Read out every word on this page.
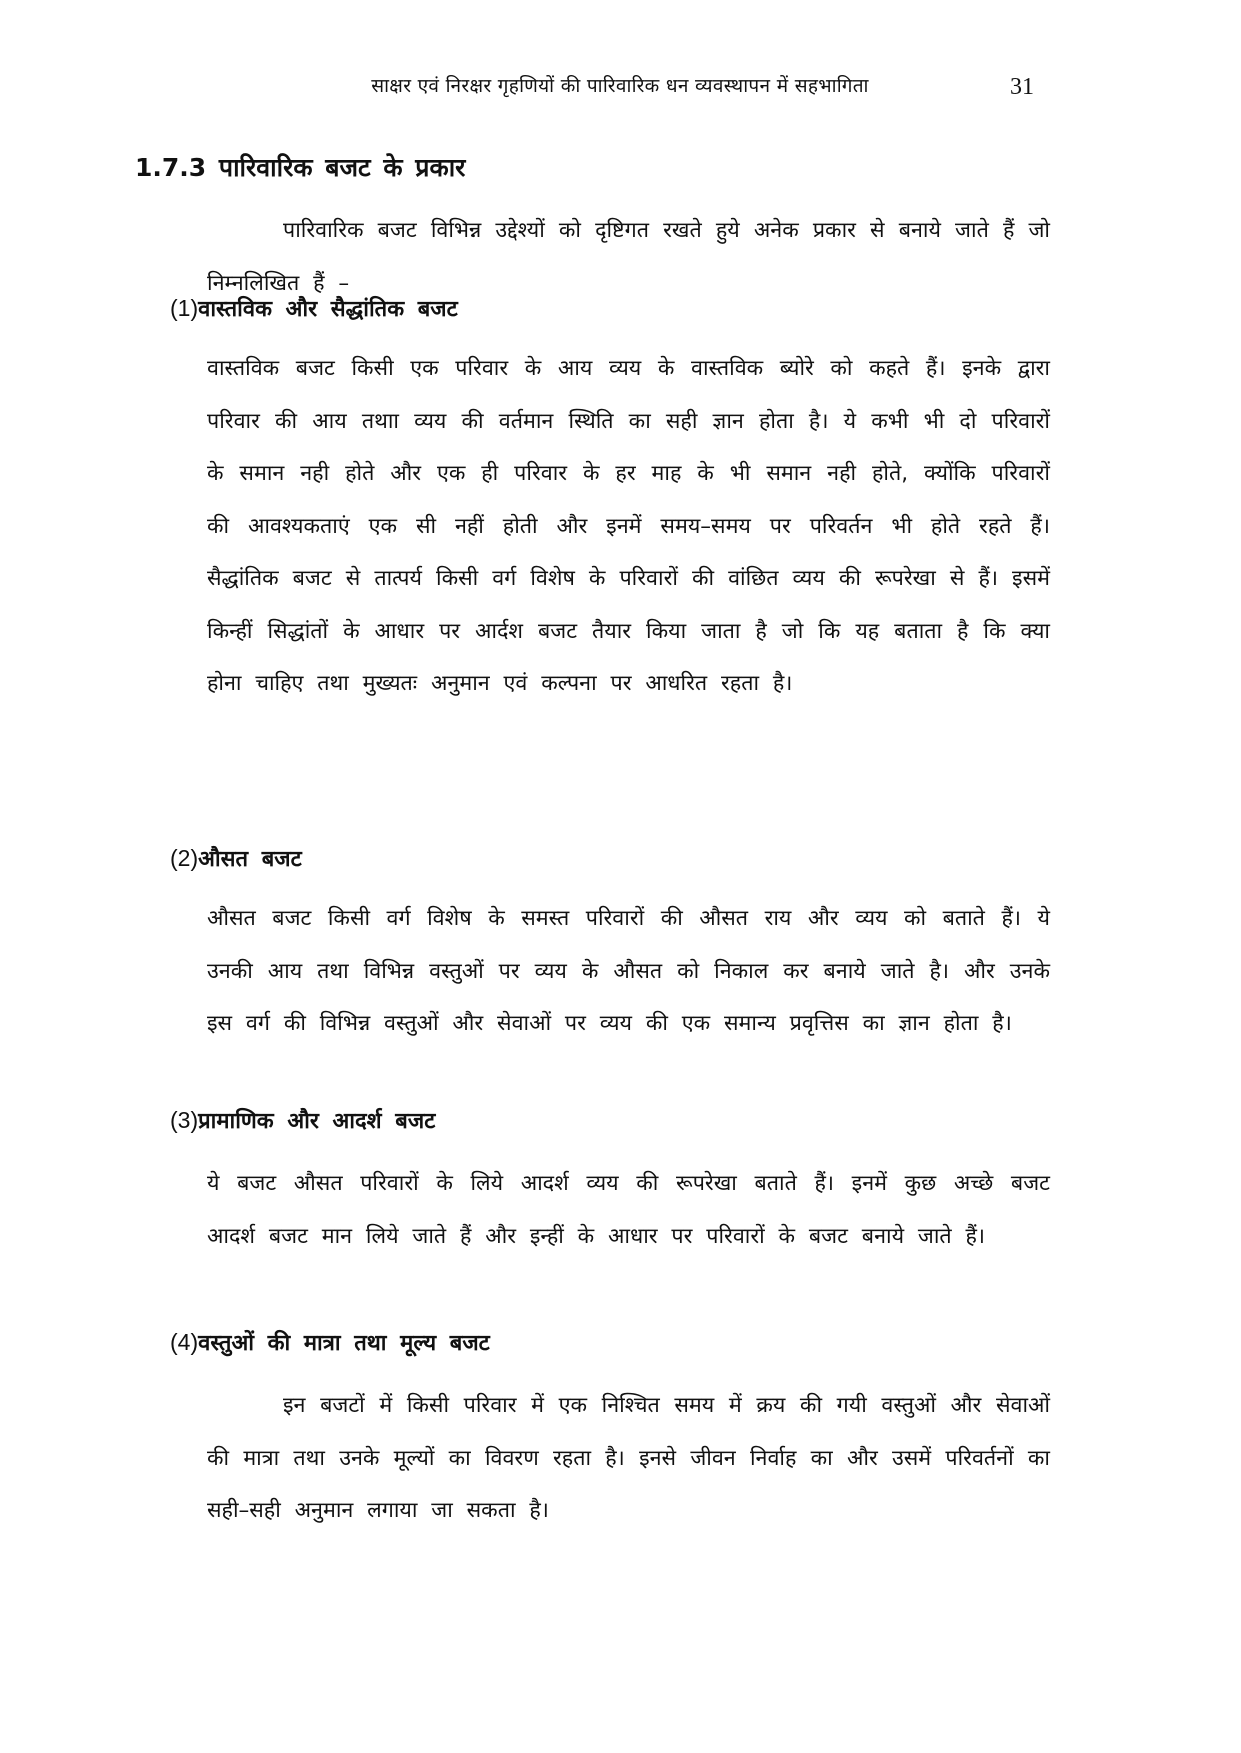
साक्षर एवं निरक्षर गृहणियों की पारिवारिक धन व्यवस्थापन में सहभागिता	31
1.7.3 पारिवारिक बजट के प्रकार

पारिवारिक बजट विभिन्न उद्देश्यों को दृष्टिगत रखते हुये अनेक प्रकार से बनाये जाते हैं जो निम्नलिखित हैं –

(1)वास्तविक और सैद्धांतिक बजट

वास्तविक बजट किसी एक परिवार के आय व्यय के वास्तविक ब्योरे को कहते हैं। इनके द्वारा परिवार की आय तथाा व्यय की वर्तमान स्थिति का सही ज्ञान होता है। ये कभी भी दो परिवारों के समान नही होते और एक ही परिवार के हर माह के भी समान नही होते, क्योंकि परिवारों की आवश्यकताएं एक सी नहीं होती और इनमें समय–समय पर परिवर्तन भी होते रहते हैं। सैद्धांतिक बजट से तात्पर्य किसी वर्ग विशेष के परिवारों की वांछित व्यय की रूपरेखा से हैं। इसमें किन्हीं सिद्धांतों के आधार पर आर्दश बजट तैयार किया जाता है जो कि यह बताता है कि क्या होना चाहिए तथा मुख्यतः अनुमान एवं कल्पना पर आधरित रहता है।

(2)औसत बजट

औसत बजट किसी वर्ग विशेष के समस्त परिवारों की औसत राय और व्यय को बताते हैं। ये उनकी आय तथा विभिन्न वस्तुओं पर व्यय के औसत को निकाल कर बनाये जाते है। और उनके इस वर्ग की विभिन्न वस्तुओं और सेवाओं पर व्यय की एक समान्य प्रवृत्तिस का ज्ञान होता है।

(3)प्रामाणिक और आदर्श बजट

ये बजट औसत परिवारों के लिये आदर्श व्यय की रूपरेखा बताते हैं। इनमें कुछ अच्छे बजट आदर्श बजट मान लिये जाते हैं और इन्हीं के आधार पर परिवारों के बजट बनाये जाते हैं।

(4)वस्तुओं की मात्रा तथा मूल्य बजट

इन बजटों में किसी परिवार में एक निश्चित समय में क्रय की गयी वस्तुओं और सेवाओं की मात्रा तथा उनके मूल्यों का विवरण रहता है। इनसे जीवन निर्वाह का और उसमें परिवर्तनों का सही–सही अनुमान लगाया जा सकता है।
